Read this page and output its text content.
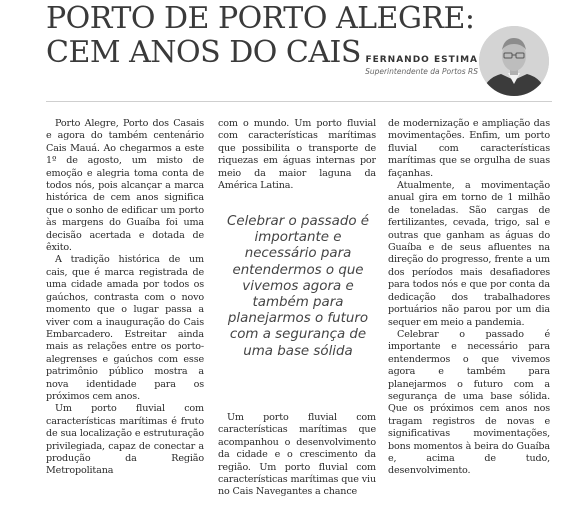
PORTO DE PORTO ALEGRE:
CEM ANOS DO CAIS FERNANDO ESTIMA
Superintendente da Portos RS

Porto Alegre, Porto dos Casais e agora do também centenário Cais Mauá. Ao chegarmos a este 1º de agosto, um misto de emoção e alegria toma conta de todos nós, pois alcançar a marca histórica de cem anos significa que o sonho de edificar um porto às margens do Guaíba foi uma decisão acertada e dotada de êxito.

A tradição histórica de um cais, que é marca registrada de uma cidade amada por todos os gaúchos, contrasta com o novo momento que o lugar passa a viver com a inauguração do Cais Embarcadero. Estreitar ainda mais as relações entre os porto-alegrenses e gaúchos com esse patrimônio público mostra a nova identidade para os próximos cem anos.

Um porto fluvial com características marítimas é fruto de sua localização e estruturação privilegiada, capaz de conectar a produção da Região Metropolitana

com o mundo. Um porto fluvial com características marítimas que possibilita o transporte de riquezas em águas internas por meio da maior laguna da América Latina.

Celebrar o passado é importante e necessário para entendermos o que vivemos agora e também para planejarmos o futuro com a segurança de uma base sólida

Um porto fluvial com características marítimas que acompanhou o desenvolvimento da cidade e o crescimento da região. Um porto fluvial com características marítimas que viu no Cais Navegantes a chance

de modernização e ampliação das movimentações. Enfim, um porto fluvial com características marítimas que se orgulha de suas façanhas.

Atualmente, a movimentação anual gira em torno de 1 milhão de toneladas. São cargas de fertilizantes, cevada, trigo, sal e outras que ganham as águas do Guaíba e de seus afluentes na direção do progresso, frente a um dos períodos mais desafiadores para todos nós e que por conta da dedicação dos trabalhadores portuários não parou por um dia sequer em meio a pandemia.

Celebrar o passado é importante e necessário para entendermos o que vivemos agora e também para planejarmos o futuro com a segurança de uma base sólida. Que os próximos cem anos nos tragam registros de novas e significativas movimentações, bons momentos à beira do Guaíba e, acima de tudo, desenvolvimento.
